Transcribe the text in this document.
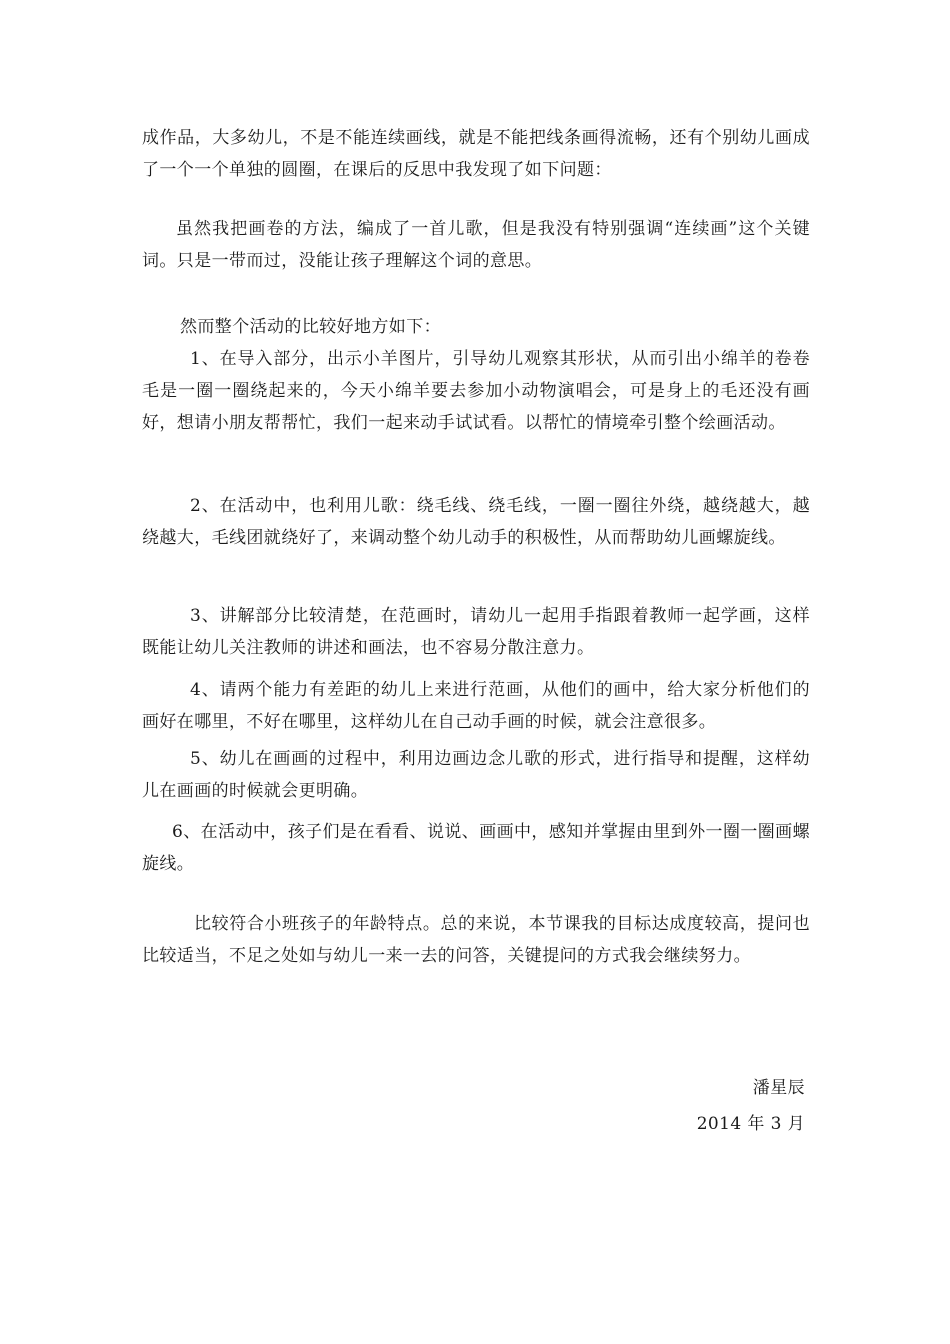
成作品，大多幼儿，不是不能连续画线，就是不能把线条画得流畅，还有个别幼儿画成了一个一个单独的圆圈，在课后的反思中我发现了如下问题：

虽然我把画卷的方法，编成了一首儿歌，但是我没有特别强调“连续画”这个关键词。只是一带而过，没能让孩子理解这个词的意思。

然而整个活动的比较好地方如下：

1、在导入部分，出示小羊图片，引导幼儿观察其形状，从而引出小绵羊的卷卷毛是一圈一圈绕起来的，今天小绵羊要去参加小动物演唱会，可是身上的毛还没有画好，想请小朋友帮帮忙，我们一起来动手试试看。以帮忙的情境牵引整个绘画活动。

2、在活动中，也利用儿歌：绕毛线、绕毛线，一圈一圈往外绕，越绕越大，越绕越大，毛线团就绕好了，来调动整个幼儿动手的积极性，从而帮助幼儿画螺旋线。

3、讲解部分比较清楚，在范画时，请幼儿一起用手指跟着教师一起学画，这样既能让幼儿关注教师的讲述和画法，也不容易分散注意力。

4、请两个能力有差距的幼儿上来进行范画，从他们的画中，给大家分析他们的画好在哪里，不好在哪里，这样幼儿在自己动手画的时候，就会注意很多。

5、幼儿在画画的过程中，利用边画边念儿歌的形式，进行指导和提醒，这样幼儿在画画的时候就会更明确。

6、在活动中，孩子们是在看看、说说、画画中，感知并掌握由里到外一圈一圈画螺旋线。

比较符合小班孩子的年龄特点。总的来说，本节课我的目标达成度较高，提问也比较适当，不足之处如与幼儿一来一去的问答，关键提问的方式我会继续努力。

潘星辰

2014 年 3 月
